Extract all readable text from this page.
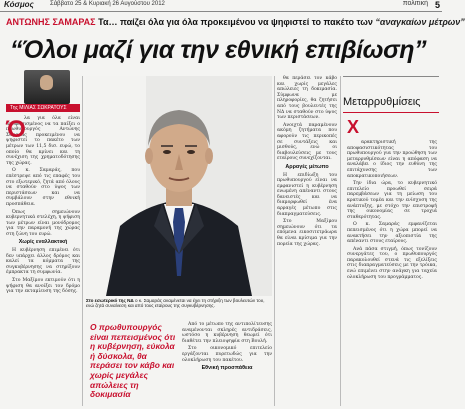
Κόσμος	Σάββατο 25 & Κυριακή 26 Αυγούστου 2012	πολιτική 5
ΑΝΤΩΝΗΣ ΣΑΜΑΡΑΣ Τα… παίζει όλα για όλα προκειμένου να ψηφιστεί το πακέτο των “αναγκαίων μέτρων”
“Όλοι μαζί για την εθνική επιβίωση”
Της ΜΙΛΙΑΣ ΣΩΚΡΑΤΟΥΣ

λα για όλα είναι αποφασισμένος να τα παίξει ο πρωθυπουργός Αντώνης Σαμαράς προκειμένου να ψηφιστεί το πακέτο των μέτρων των 11,5 δισ. ευρώ, το οποίο θα κρίνει και τη συνέχιση της χρηματοδότησης της χώρας.

Ο κ. Σαμαράς, που επέστρεψε από τις επαφές του στο εξωτερικό, ζητά από όλους να σταθούν στο ύψος των περιστάσεων και να συμβάλουν στην εθνική προσπάθεια.

Όπως σημειώνουν κυβερνητικά στελέχη, η ψήφιση των μέτρων είναι μονόδρομος για την παραμονή της χώρας στη ζώνη του ευρώ.

Χωρίς εναλλακτική

Η κυβέρνηση επιμένει ότι δεν υπάρχει άλλος δρόμος και καλεί τα κόμματα της συγκυβέρνησης να στηρίξουν έμπρακτα τη συμφωνία.

Στο Μαξίμου εκτιμούν ότι η ψήφιση θα ανοίξει τον δρόμο για την εκταμίευση της δόσης.

Ό
Στο εσωτερικό της ΝΔ ο κ. Σαμαράς αναμένεται να έχει τη στήριξη των βουλευτών του, ενώ ζητά συναίνεση και από τους εταίρους της συγκυβέρνησης.
Ο πρωθυπουργός είναι πεπεισμένος ότι η κυβέρνηση, εύκολα ή δύσκολα, θα περάσει τον κάβο και χωρίς μεγάλες απώλειες τη δοκιμασία

Από το μέτωπο της αντιπολίτευσης αναμένονται σκληρές αντιδράσεις, ωστόσο η κυβέρνηση θεωρεί ότι διαθέτει την πλειοψηφία στη Βουλή.

Στο οικονομικό επιτελείο εργάζονται πυρετωδώς για την ολοκλήρωση του πακέτου.

Εθνική προσπάθεια

θα περάσει τον κάβο και χωρίς μεγάλες απώλειες τη δοκιμασία. Σύμφωνα με πληροφορίες, θα ζητήσει από τους βουλευτές της ΝΔ να σταθούν στο ύψος των περιστάσεων.

Ανοιχτά παραμένουν ακόμη ζητήματα που αφορούν τις περικοπές σε συντάξεις και μισθούς, ενώ οι διαβουλεύσεις με τους εταίρους συνεχίζονται.

Αρραγές μέτωπο

Η επιδίωξη του πρωθυπουργού είναι να εμφανιστεί η κυβέρνηση ενωμένη απέναντι στους δανειστές και να διαμορφωθεί ένα αρραγές μέτωπο στις διαπραγματεύσεις.

Στο Μαξίμου σημειώνουν ότι τα επόμενα εικοσιτετράωρα θα είναι κρίσιμα για την πορεία της χώρας.

Μεταρρυθμίσεις

αρακτηριστική της αποφασιστικότητας του πρωθυπουργού για την προώθηση των μεταρρυθμίσεων είναι η απόφαση να αναλάβει ο ίδιος την ευθύνη της επιτάχυνσης των αποκρατικοποιήσεων.

Την ίδια ώρα, το κυβερνητικό επιτελείο προωθεί σειρά παρεμβάσεων για τη μείωση του κρατικού τομέα και την ενίσχυση της ανάπτυξης, με στόχο την επιστροφή της οικονομίας σε τροχιά σταθερότητας.

Ο κ. Σαμαράς εμφανίζεται πεπεισμένος ότι η χώρα μπορεί να ανακτήσει την αξιοπιστία της απέναντι στους εταίρους.

Ανά πάσα στιγμή, όπως τονίζουν συνεργάτες του, ο πρωθυπουργός παρακολουθεί στενά τις εξελίξεις στις διαπραγματεύσεις με την τρόικα, ενώ επιμένει στην ανάγκη για ταχεία ολοκλήρωση του προγράμματος.

Χ
